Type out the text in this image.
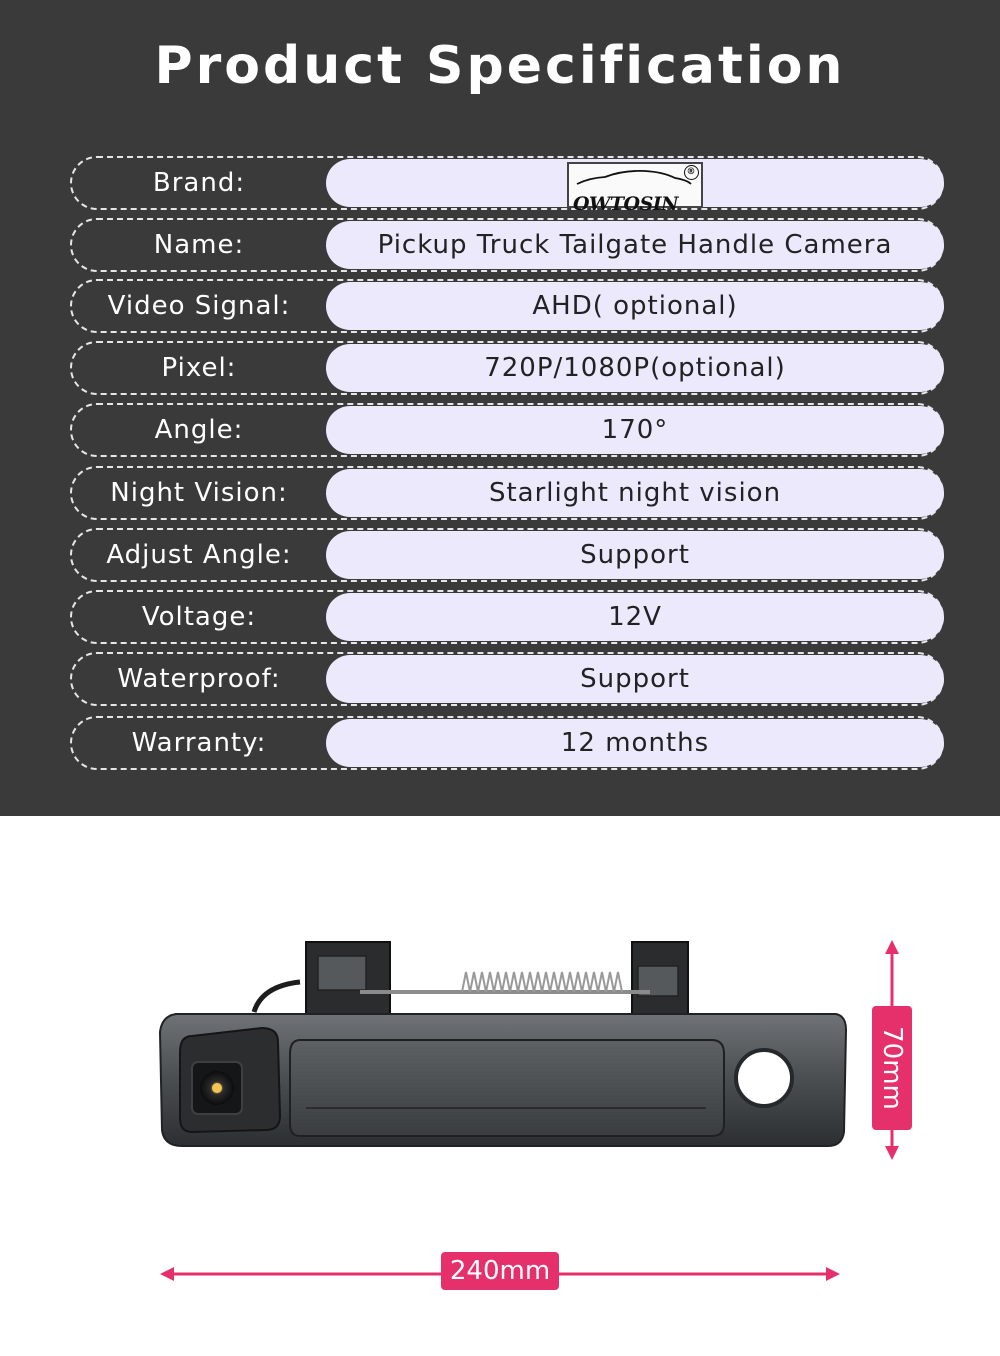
Product Specification
Brand:
OWTOSIN
®
Name:	Pickup Truck Tailgate Handle Camera
Video Signal:	AHD( optional)
Pixel:	720P/1080P(optional)
Angle:	170°
Night Vision:	Starlight night vision
Adjust Angle:	Support
Voltage:	12V
Waterproof:	Support
Warranty:	12 months
70mm
240mm
